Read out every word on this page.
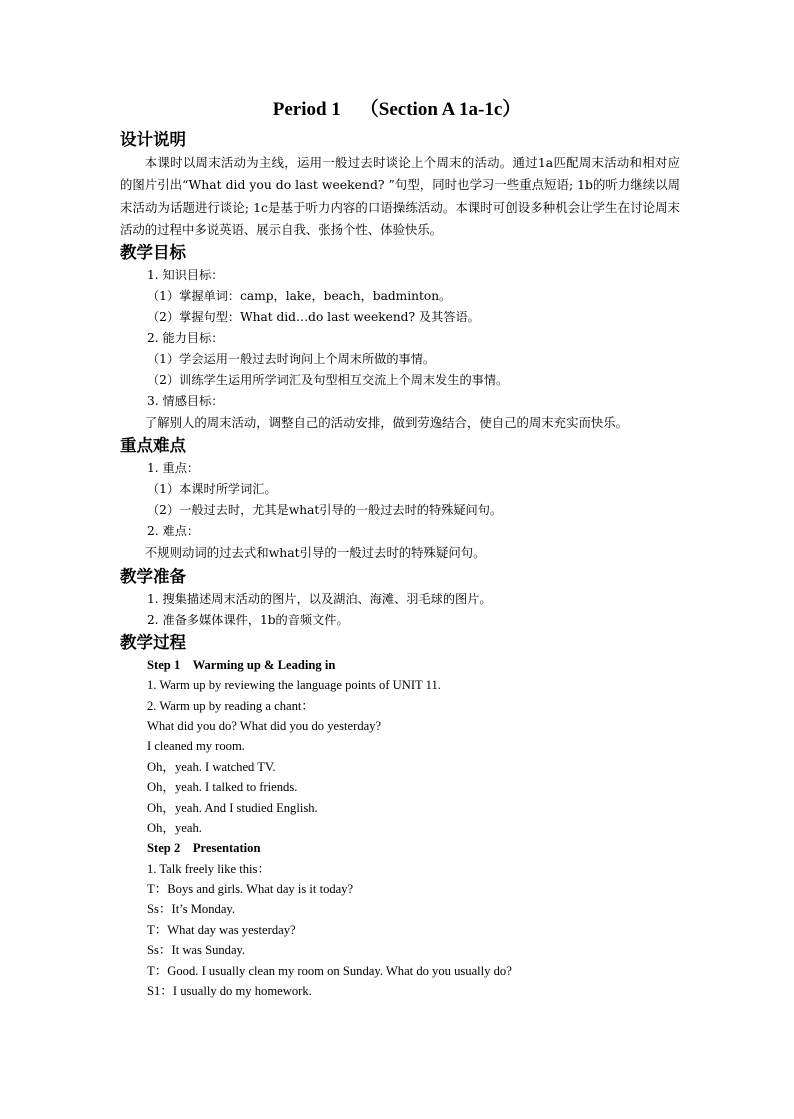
Period 1    （Section A 1a-1c）
设计说明

本课时以周末活动为主线，运用一般过去时谈论上个周末的活动。通过1a匹配周末活动和相对应的图片引出“What did you do last weekend? ”句型，同时也学习一些重点短语; 1b的听力继续以周末活动为话题进行谈论; 1c是基于听力内容的口语操练活动。本课时可创设多种机会让学生在讨论周末活动的过程中多说英语、展示自我、张扬个性、体验快乐。

教学目标

1. 知识目标：

（1）掌握单词：camp，lake，beach，badminton。

（2）掌握句型：What did…do last weekend? 及其答语。

2. 能力目标：

（1）学会运用一般过去时询问上个周末所做的事情。

（2）训练学生运用所学词汇及句型相互交流上个周末发生的事情。

3. 情感目标：

了解别人的周末活动，调整自己的活动安排，做到劳逸结合，使自己的周末充实而快乐。

重点难点

1. 重点：

（1）本课时所学词汇。

（2）一般过去时，尤其是what引导的一般过去时的特殊疑问句。

2. 难点：

不规则动词的过去式和what引导的一般过去时的特殊疑问句。

教学准备

1. 搜集描述周末活动的图片，以及湖泊、海滩、羽毛球的图片。

2. 准备多媒体课件，1b的音频文件。

教学过程

Step 1    Warming up & Leading in

1. Warm up by reviewing the language points of UNIT 11.

2. Warm up by reading a chant：

What did you do? What did you do yesterday?

I cleaned my room.

Oh，yeah. I watched TV.

Oh，yeah. I talked to friends.

Oh，yeah. And I studied English.

Oh，yeah.

Step 2    Presentation

1. Talk freely like this：

T：Boys and girls. What day is it today?

Ss：It’s Monday.

T：What day was yesterday?

Ss：It was Sunday.

T：Good. I usually clean my room on Sunday. What do you usually do?

S1：I usually do my homework.
